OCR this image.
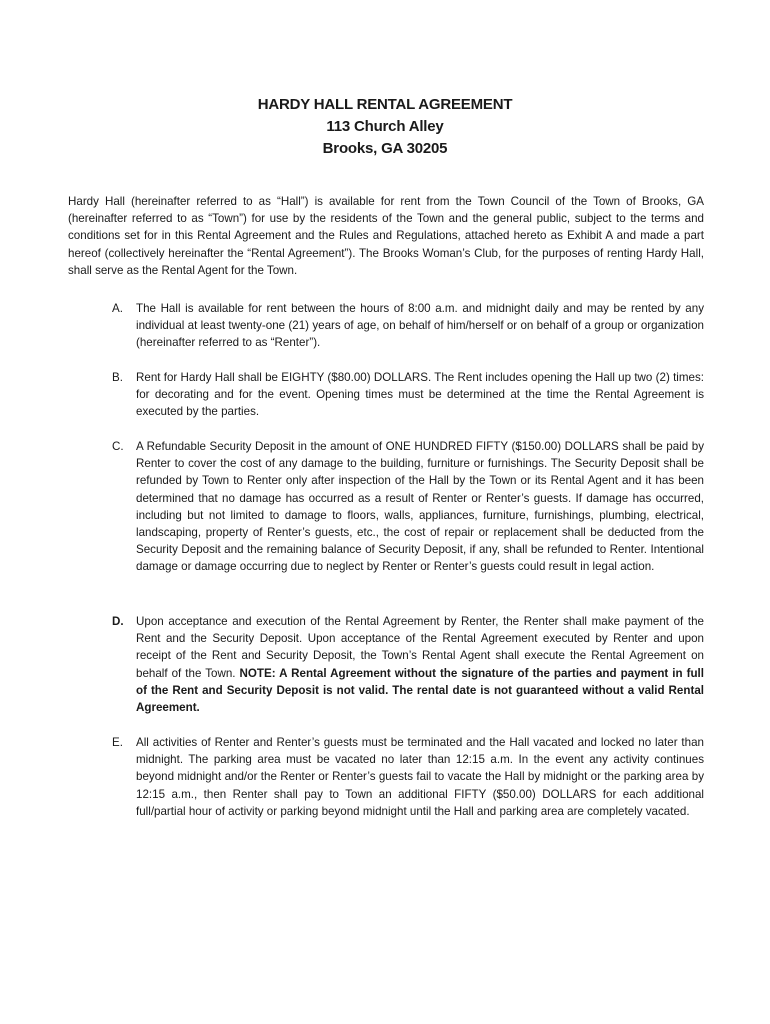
HARDY HALL RENTAL AGREEMENT
113 Church Alley
Brooks, GA 30205

Hardy Hall (hereinafter referred to as “Hall”) is available for rent from the Town Council of the Town of Brooks, GA (hereinafter referred to as “Town”) for use by the residents of the Town and the general public, subject to the terms and conditions set for in this Rental Agreement and the Rules and Regulations, attached hereto as Exhibit A and made a part hereof (collectively hereinafter the “Rental Agreement”). The Brooks Woman’s Club, for the purposes of renting Hardy Hall, shall serve as the Rental Agent for the Town.

A.	The Hall is available for rent between the hours of 8:00 a.m. and midnight daily and may be rented by any individual at least twenty-one (21) years of age, on behalf of him/herself or on behalf of a group or organization (hereinafter referred to as “Renter”).
B.	Rent for Hardy Hall shall be EIGHTY ($80.00) DOLLARS. The Rent includes opening the Hall up two (2) times: for decorating and for the event. Opening times must be determined at the time the Rental Agreement is executed by the parties.
C.	A Refundable Security Deposit in the amount of ONE HUNDRED FIFTY ($150.00) DOLLARS shall be paid by Renter to cover the cost of any damage to the building, furniture or furnishings. The Security Deposit shall be refunded by Town to Renter only after inspection of the Hall by the Town or its Rental Agent and it has been determined that no damage has occurred as a result of Renter or Renter’s guests. If damage has occurred, including but not limited to damage to floors, walls, appliances, furniture, furnishings, plumbing, electrical, landscaping, property of Renter’s guests, etc., the cost of repair or replacement shall be deducted from the Security Deposit and the remaining balance of Security Deposit, if any, shall be refunded to Renter. Intentional damage or damage occurring due to neglect by Renter or Renter’s guests could result in legal action.
D.	Upon acceptance and execution of the Rental Agreement by Renter, the Renter shall make payment of the Rent and the Security Deposit. Upon acceptance of the Rental Agreement executed by Renter and upon receipt of the Rent and Security Deposit, the Town’s Rental Agent shall execute the Rental Agreement on behalf of the Town. NOTE: A Rental Agreement without the signature of the parties and payment in full of the Rent and Security Deposit is not valid. The rental date is not guaranteed without a valid Rental Agreement.
E.	All activities of Renter and Renter’s guests must be terminated and the Hall vacated and locked no later than midnight. The parking area must be vacated no later than 12:15 a.m. In the event any activity continues beyond midnight and/or the Renter or Renter’s guests fail to vacate the Hall by midnight or the parking area by 12:15 a.m., then Renter shall pay to Town an additional FIFTY ($50.00) DOLLARS for each additional full/partial hour of activity or parking beyond midnight until the Hall and parking area are completely vacated.
